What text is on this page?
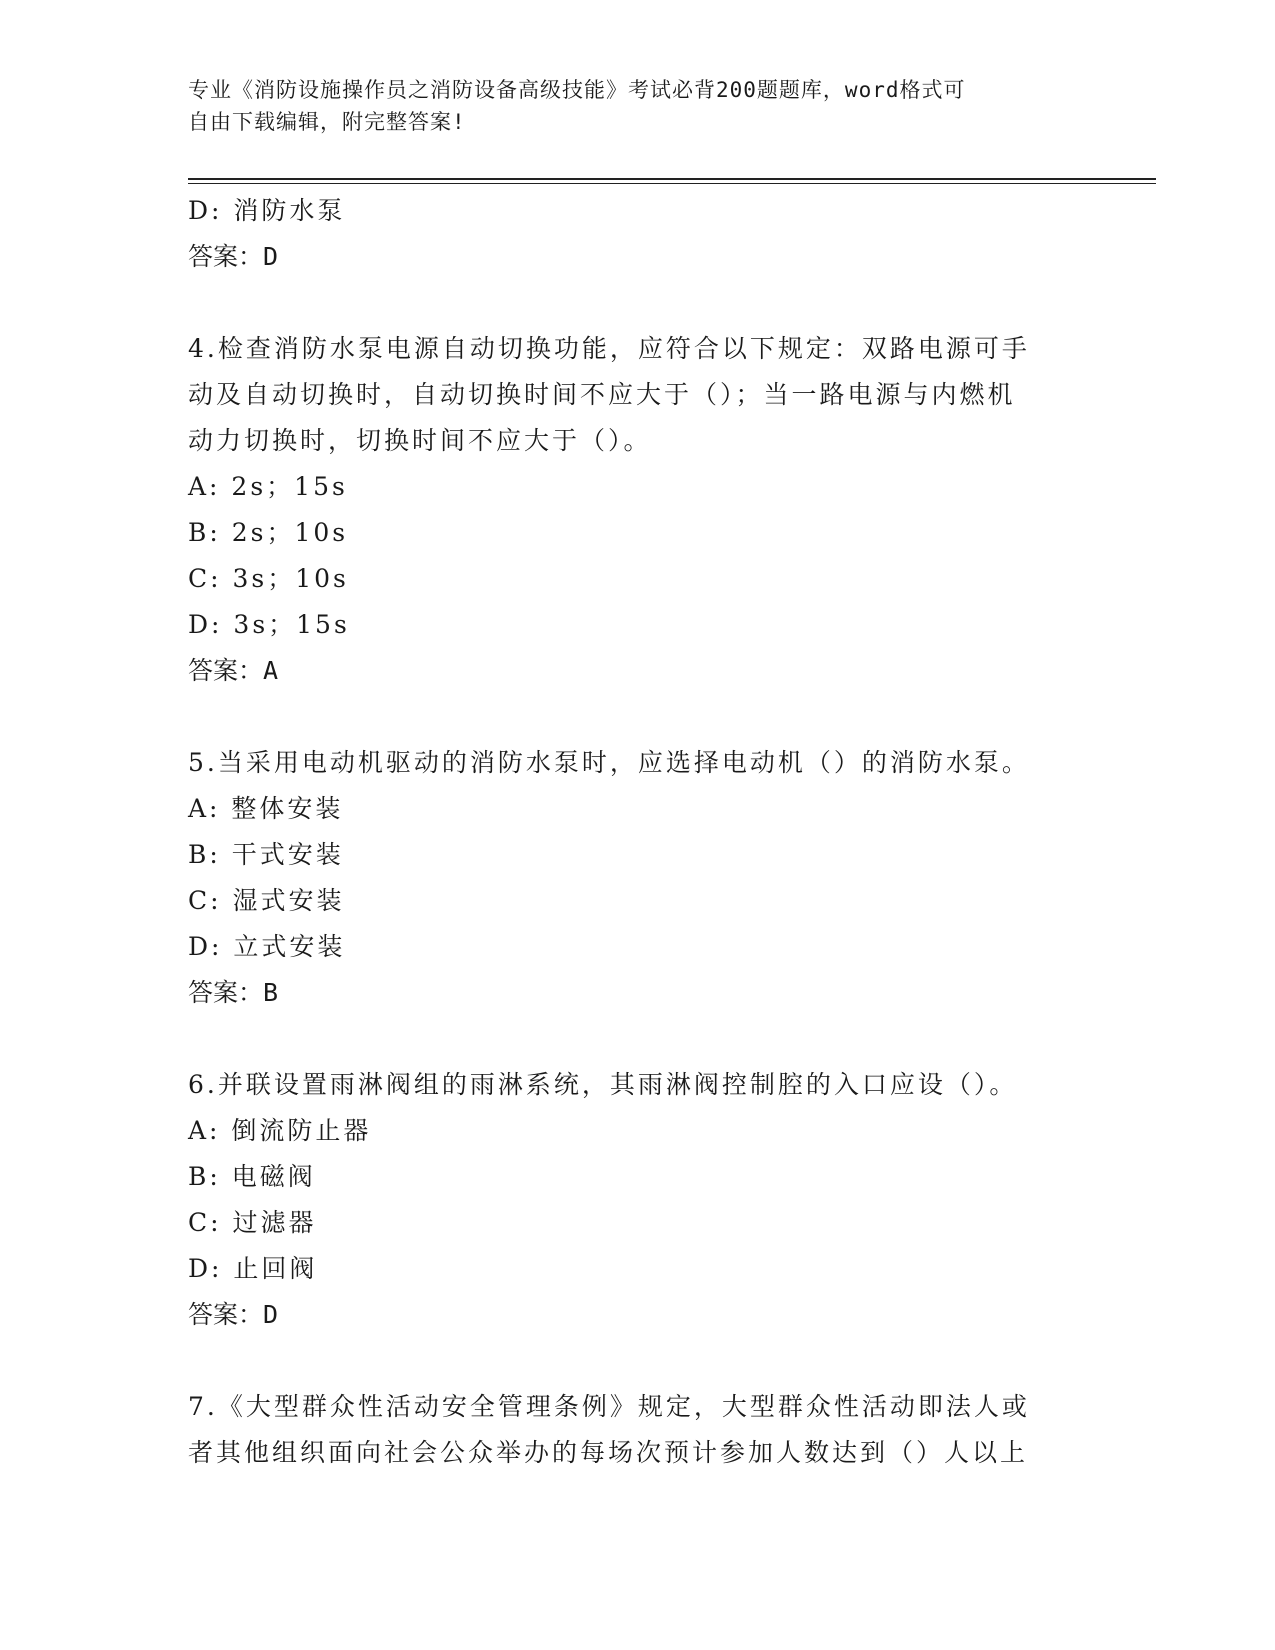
专业《消防设施操作员之消防设备高级技能》考试必背200题题库，word格式可
自由下载编辑，附完整答案!
D: 消防水泵
答案：D
4.检查消防水泵电源自动切换功能，应符合以下规定：双路电源可手
动及自动切换时，自动切换时间不应大于（）；当一路电源与内燃机
动力切换时，切换时间不应大于（）。
A: 2s；15s
B: 2s；10s
C: 3s；10s
D: 3s；15s
答案：A
5.当采用电动机驱动的消防水泵时，应选择电动机（）的消防水泵。
A: 整体安装
B: 干式安装
C: 湿式安装
D: 立式安装
答案：B
6.并联设置雨淋阀组的雨淋系统，其雨淋阀控制腔的入口应设（）。
A: 倒流防止器
B: 电磁阀
C: 过滤器
D: 止回阀
答案：D
7.《大型群众性活动安全管理条例》规定，大型群众性活动即法人或
者其他组织面向社会公众举办的每场次预计参加人数达到（）人以上
